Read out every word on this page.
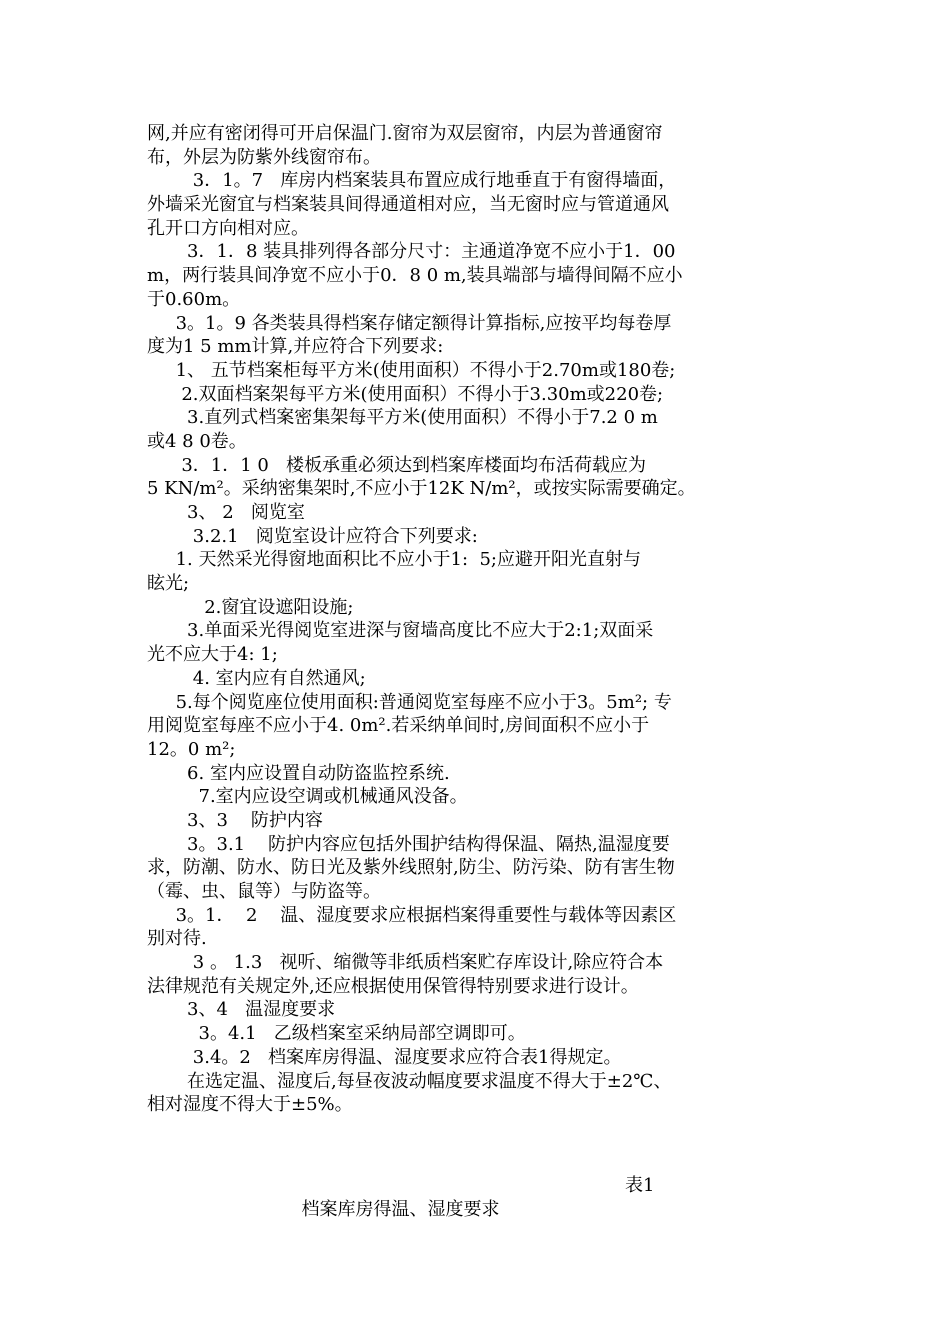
网,并应有密闭得可开启保温门.窗帘为双层窗帘，内层为普通窗帘
布，外层为防紫外线窗帘布。
3．1。7   库房内档案装具布置应成行地垂直于有窗得墙面，
外墙采光窗宜与档案装具间得通道相对应，当无窗时应与管道通风
孔开口方向相对应。
3．1．8 装具排列得各部分尺寸：主通道净宽不应小于1．00
m，两行装具间净宽不应小于0．8 0 m,装具端部与墙得间隔不应小
于0.60m。
3。1。9 各类装具得档案存储定额得计算指标,应按平均每卷厚
度为1 5 mm计算,并应符合下列要求:
1、 五节档案柜每平方米(使用面积）不得小于2.70m或180卷;
2.双面档案架每平方米(使用面积）不得小于3.30m或220卷;
3.直列式档案密集架每平方米(使用面积）不得小于7.2 0 m
或4 8 0卷。
3．1．1 0   楼板承重必须达到档案库楼面均布活荷载应为
5 KN/m²。采纳密集架时,不应小于12K N/m²，或按实际需要确定。
3、 2   阅览室
3.2.1   阅览室设计应符合下列要求:
1. 天然采光得窗地面积比不应小于1:  5;应避开阳光直射与
眩光;
2.窗宜设遮阳设施;
3.单面采光得阅览室进深与窗墙高度比不应大于2:1;双面采
光不应大于4: 1;
4. 室内应有自然通风;
5.每个阅览座位使用面积:普通阅览室每座不应小于3。5m²; 专
用阅览室每座不应小于4. 0m².若采纳单间时,房间面积不应小于
12。0 m²;
6. 室内应设置自动防盗监控系统.
7.室内应设空调或机械通风没备。
3、3    防护内容
3。3.1    防护内容应包括外围护结构得保温、隔热,温湿度要
求，防潮、防水、防日光及紫外线照射,防尘、防污染、防有害生物
（霉、虫、鼠等）与防盗等。
3。1．  2    温、湿度要求应根据档案得重要性与载体等因素区
别对待.
3 。 1.3   视听、缩微等非纸质档案贮存库设计,除应符合本
法律规范有关规定外,还应根据使用保管得特别要求进行设计。
3、4   温湿度要求
3。4.1   乙级档案室采纳局部空调即可。
3.4。2   档案库房得温、湿度要求应符合表1得规定。
在选定温、湿度后,每昼夜波动幅度要求温度不得大于±2℃、
相对湿度不得大于±5%。

档案库房得温、湿度要求

表1
